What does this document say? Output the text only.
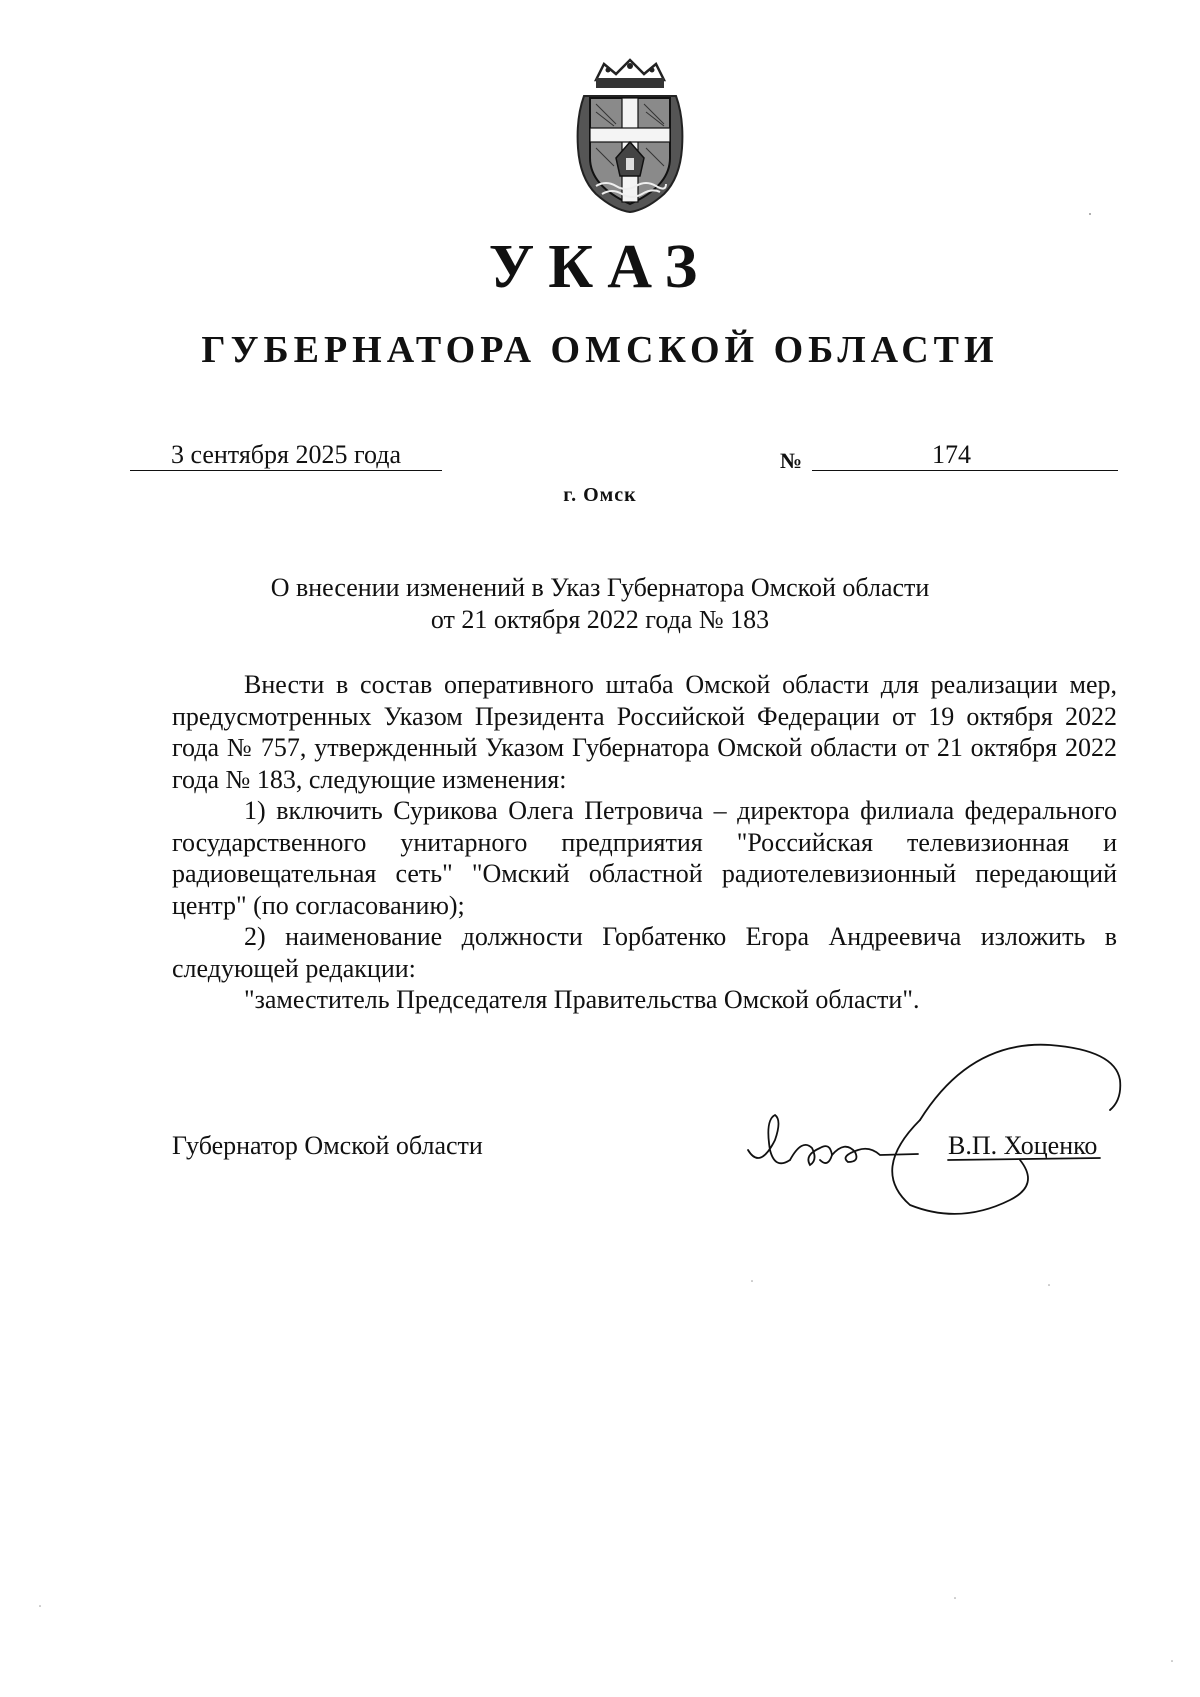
УКАЗ
ГУБЕРНАТОРА ОМСКОЙ ОБЛАСТИ
3 сентября 2025 года	№	174
г. Омск
О внесении изменений в Указ Губернатора Омской области
от 21 октября 2022 года № 183

Внести в состав оперативного штаба Омской области для реализации мер, предусмотренных Указом Президента Российской Федерации от 19 октября 2022 года № 757, утвержденный Указом Губернатора Омской области от 21 октября 2022 года № 183, следующие изменения:

1) включить Сурикова Олега Петровича – директора филиала федерального государственного унитарного предприятия "Российская телевизионная и радиовещательная сеть" "Омский областной радиотелевизионный передающий центр" (по согласованию);

2) наименование должности Горбатенко Егора Андреевича изложить в следующей редакции:

"заместитель Председателя Правительства Омской области".

Губернатор Омской области	В.П. Хоценко
